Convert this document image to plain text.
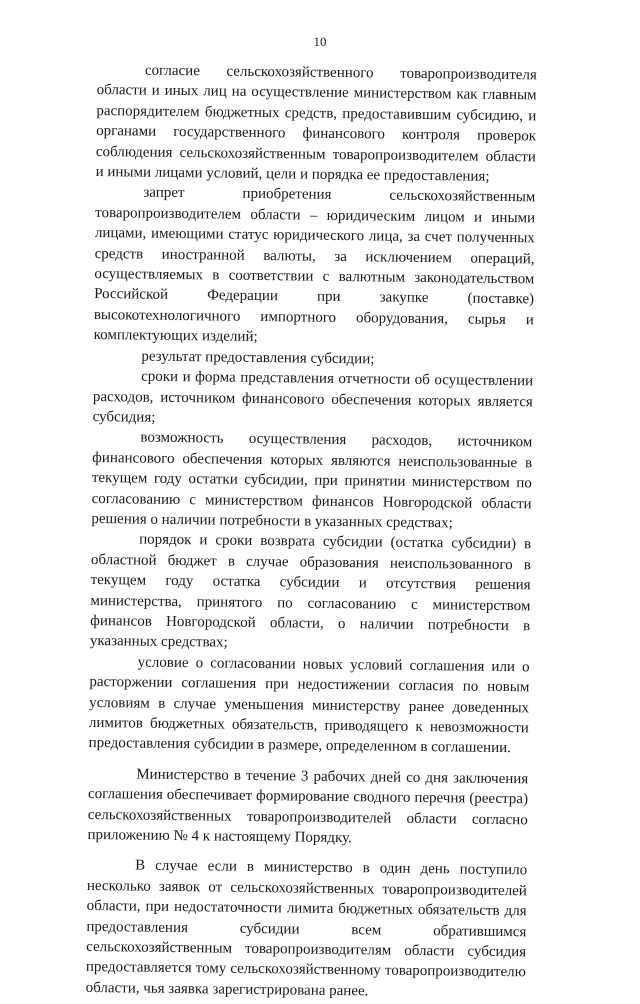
10

согласие сельскохозяйственного товаропроизводителя области и иных лиц на осуществление министерством как главным распорядителем бюджетных средств, предоставившим субсидию, и органами государственного финансового контроля проверок соблюдения сельскохозяйственным товаропроизводителем области и иными лицами условий, цели и порядка ее предоставления;

запрет приобретения сельскохозяйственным товаропроизводителем области – юридическим лицом и иными лицами, имеющими статус юридического лица, за счет полученных средств иностранной валюты, за исключением операций, осуществляемых в соответствии с валютным законодательством Российской Федерации при закупке (поставке) высокотехнологичного импортного оборудования, сырья и комплектующих изделий;

результат предоставления субсидии;

сроки и форма представления отчетности об осуществлении расходов, источником финансового обеспечения которых является субсидия;

возможность осуществления расходов, источником финансового обеспечения которых являются неиспользованные в текущем году остатки субсидии, при принятии министерством по согласованию с министерством финансов Новгородской области решения о наличии потребности в указанных средствах;

порядок и сроки возврата субсидии (остатка субсидии) в областной бюджет в случае образования неиспользованного в текущем году остатка субсидии и отсутствия решения министерства, принятого по согласованию с министерством финансов Новгородской области, о наличии потребности в указанных средствах;

условие о согласовании новых условий соглашения или о расторжении соглашения при недостижении согласия по новым условиям в случае уменьшения министерству ранее доведенных лимитов бюджетных обязательств, приводящего к невозможности предоставления субсидии в размере, определенном в соглашении.

Министерство в течение 3 рабочих дней со дня заключения соглашения обеспечивает формирование сводного перечня (реестра) сельскохозяйственных товаропроизводителей области согласно приложению № 4 к настоящему Порядку.

В случае если в министерство в один день поступило несколько заявок от сельскохозяйственных товаропроизводителей области, при недостаточности лимита бюджетных обязательств для предоставления субсидии всем обратившимся сельскохозяйственным товаропроизводителям области субсидия предоставляется тому сельскохозяйственному товаропроизводителю области, чья заявка зарегистрирована ранее.
